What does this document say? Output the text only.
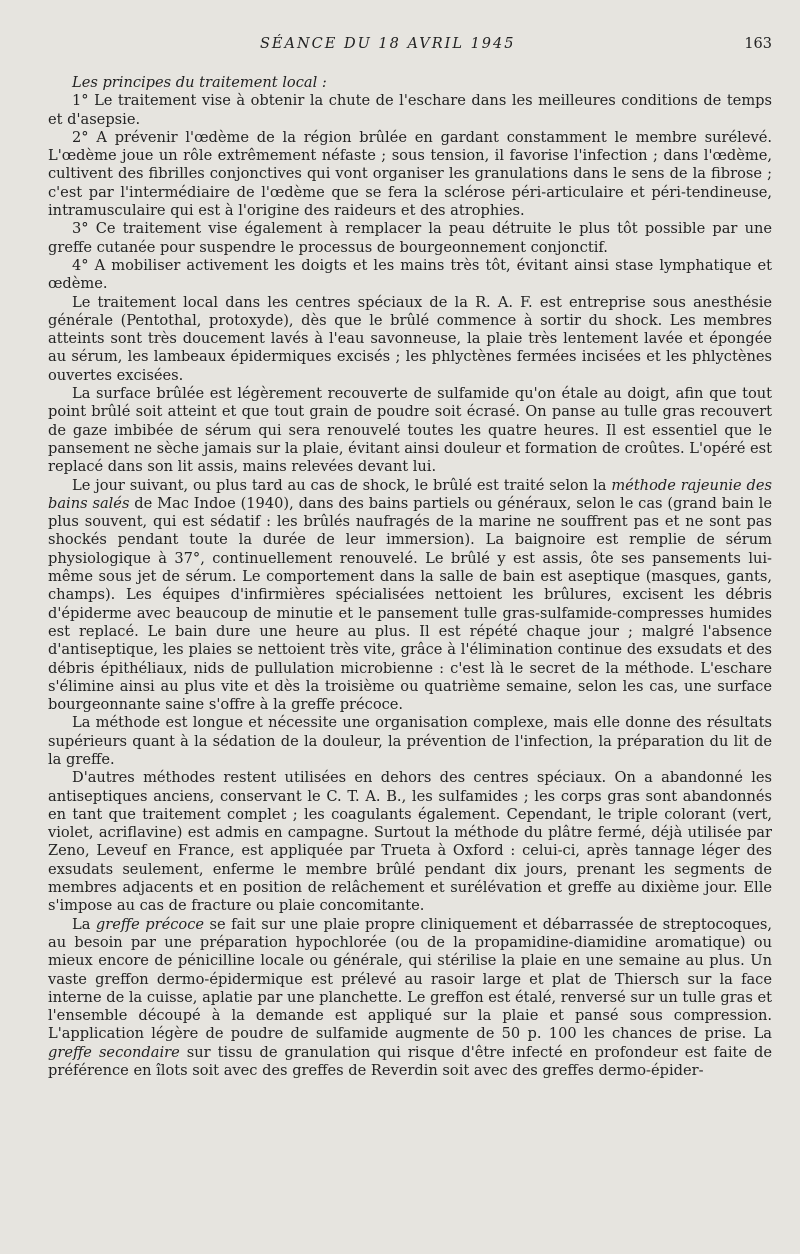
SÉANCE DU 18 AVRIL 1945	163

Les principes du traitement local :

1° Le traitement vise à obtenir la chute de l'eschare dans les meilleures conditions de temps et d'asepsie.

2° A prévenir l'œdème de la région brûlée en gardant constamment le membre surélevé. L'œdème joue un rôle extrêmement néfaste ; sous tension, il favorise l'infection ; dans l'œdème, cultivent des fibrilles conjonctives qui vont organiser les granulations dans le sens de la fibrose ; c'est par l'intermédiaire de l'œdème que se fera la sclérose péri-articulaire et péri-tendineuse, intramusculaire qui est à l'origine des raideurs et des atrophies.

3° Ce traitement vise également à remplacer la peau détruite le plus tôt possible par une greffe cutanée pour suspendre le processus de bourgeonnement conjonctif.

4° A mobiliser activement les doigts et les mains très tôt, évitant ainsi stase lymphatique et œdème.

Le traitement local dans les centres spéciaux de la R. A. F. est entreprise sous anesthésie générale (Pentothal, protoxyde), dès que le brûlé commence à sortir du shock. Les membres atteints sont très doucement lavés à l'eau savonneuse, la plaie très lentement lavée et épongée au sérum, les lambeaux épidermiques excisés ; les phlyctènes fermées incisées et les phlyctènes ouvertes excisées.

La surface brûlée est légèrement recouverte de sulfamide qu'on étale au doigt, afin que tout point brûlé soit atteint et que tout grain de poudre soit écrasé. On panse au tulle gras recouvert de gaze imbibée de sérum qui sera renouvelé toutes les quatre heures. Il est essentiel que le pansement ne sèche jamais sur la plaie, évitant ainsi douleur et formation de croûtes. L'opéré est replacé dans son lit assis, mains relevées devant lui.

Le jour suivant, ou plus tard au cas de shock, le brûlé est traité selon la méthode rajeunie des bains salés de Mac Indoe (1940), dans des bains partiels ou généraux, selon le cas (grand bain le plus souvent, qui est sédatif : les brûlés naufragés de la marine ne souffrent pas et ne sont pas shockés pendant toute la durée de leur immersion). La baignoire est remplie de sérum physiologique à 37°, continuellement renouvelé. Le brûlé y est assis, ôte ses pansements lui-même sous jet de sérum. Le comportement dans la salle de bain est aseptique (masques, gants, champs). Les équipes d'infirmières spécialisées nettoient les brûlures, excisent les débris d'épiderme avec beaucoup de minutie et le pansement tulle gras-sulfamide-compresses humides est replacé. Le bain dure une heure au plus. Il est répété chaque jour ; malgré l'absence d'antiseptique, les plaies se nettoient très vite, grâce à l'élimination continue des exsudats et des débris épithéliaux, nids de pullulation microbienne : c'est là le secret de la méthode. L'eschare s'élimine ainsi au plus vite et dès la troisième ou quatrième semaine, selon les cas, une surface bourgeonnante saine s'offre à la greffe précoce.

La méthode est longue et nécessite une organisation complexe, mais elle donne des résultats supérieurs quant à la sédation de la douleur, la prévention de l'infection, la préparation du lit de la greffe.

D'autres méthodes restent utilisées en dehors des centres spéciaux. On a abandonné les antiseptiques anciens, conservant le C. T. A. B., les sulfamides ; les corps gras sont abandonnés en tant que traitement complet ; les coagulants également. Cependant, le triple colorant (vert, violet, acriflavine) est admis en campagne. Surtout la méthode du plâtre fermé, déjà utilisée par Zeno, Leveuf en France, est appliquée par Trueta à Oxford : celui-ci, après tannage léger des exsudats seulement, enferme le membre brûlé pendant dix jours, prenant les segments de membres adjacents et en position de relâchement et surélévation et greffe au dixième jour. Elle s'impose au cas de fracture ou plaie concomitante.

La greffe précoce se fait sur une plaie propre cliniquement et débarrassée de streptocoques, au besoin par une préparation hypochlorée (ou de la propamidine-diamidine aromatique) ou mieux encore de pénicilline locale ou générale, qui stérilise la plaie en une semaine au plus. Un vaste greffon dermo-épidermique est prélevé au rasoir large et plat de Thiersch sur la face interne de la cuisse, aplatie par une planchette. Le greffon est étalé, renversé sur un tulle gras et l'ensemble découpé à la demande est appliqué sur la plaie et pansé sous compression. L'application légère de poudre de sulfamide augmente de 50 p. 100 les chances de prise. La greffe secondaire sur tissu de granulation qui risque d'être infecté en profondeur est faite de préférence en îlots soit avec des greffes de Reverdin soit avec des greffes dermo-épider-
